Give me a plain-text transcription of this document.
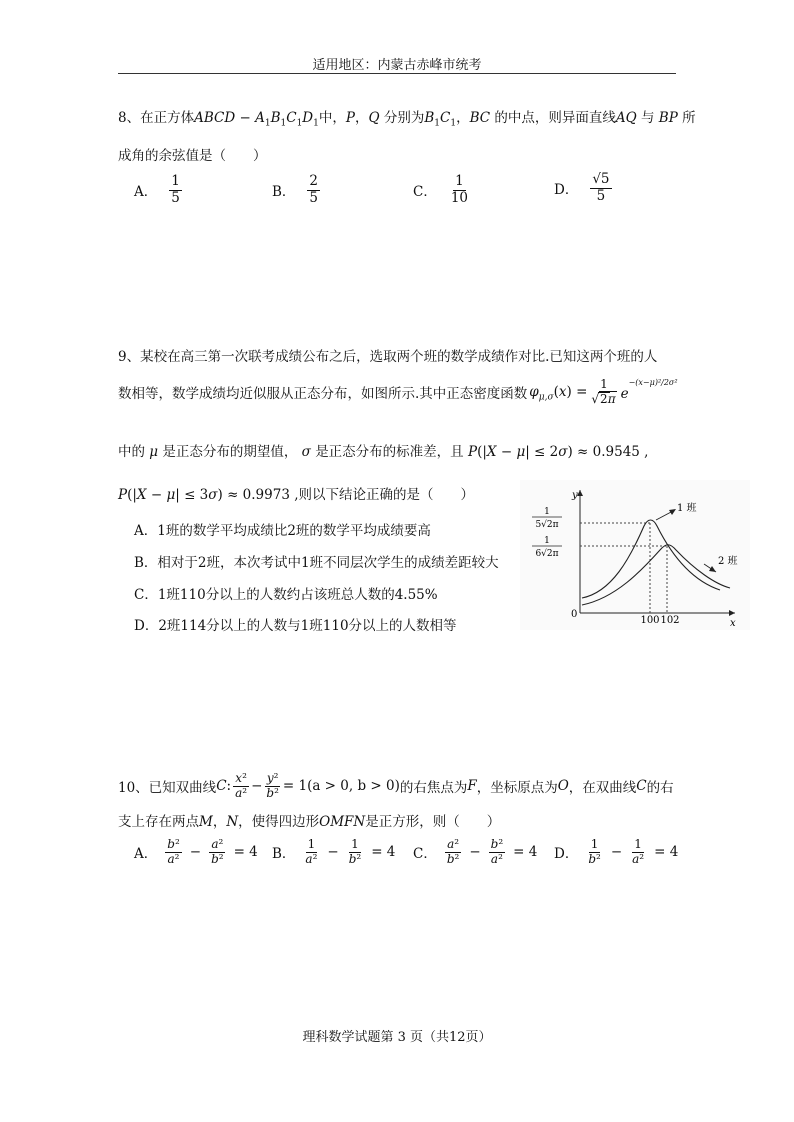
适用地区：内蒙古赤峰市统考
8、在正方体ABCD − $A_1B_1C_1D_1$中，P，Q 分别为$B_1C_1$，BC 的中点，则异面直线AQ 与 BP 所
成角的余弦值是（　　）
A． $\frac{1}{5}$	B． $\frac{2}{5}$	C． $\frac{1}{10}$	D． $\frac{√5}{5}$
9、某校在高三第一次联考成绩公布之后，选取两个班的数学成绩作对比.已知这两个班的人
数相等，数学成绩均近似服从正态分布，如图所示.其中正态密度函数 $\varphi_{\mu,\sigma}(x) = \frac{1}{√2\pi}$ e
−(x−μ)²/2σ²
中的 μ 是正态分布的期望值， σ 是正态分布的标准差，且 P(|X − μ| ≤ 2σ) ≈ 0.9545 ,
P(|X − μ| ≤ 3σ) ≈ 0.9973 ,则以下结论正确的是（　　）
A．1班的数学平均成绩比2班的数学平均成绩要高
B．相对于2班，本次考试中1班不同层次学生的成绩差距较大
C．1班110分以上的人数约占该班总人数的4.55%
D．2班114分以上的人数与1班110分以上的人数相等
y
x
0
1
5√2π
1
6√2π
1 班
2 班
100 102
10、已知双曲线 C : $\frac{\text{x²}}{\text{a²}} - \frac{\text{y²}}{\text{b²}} = 1(a > 0$, b > 0) 的右焦点为 F ，坐标原点为 O ，在双曲线 C 的右
支上存在两点M，N，使得四边形OMFN是正方形，则（　　）
A． $\frac{\text{b²}}{\text{a²}} - \frac{\text{a²}}{\text{b²}} = 4$ B． $\frac{1}{\text{a²}} - \frac{1}{\text{b²}} = 4$ C． $\frac{\text{a²}}{\text{b²}} - \frac{\text{b²}}{\text{a²}} = 4$ D． $\frac{1}{\text{b²}} - \frac{1}{\text{a²}} = 4$
理科数学试题第 3 页（共12页）
